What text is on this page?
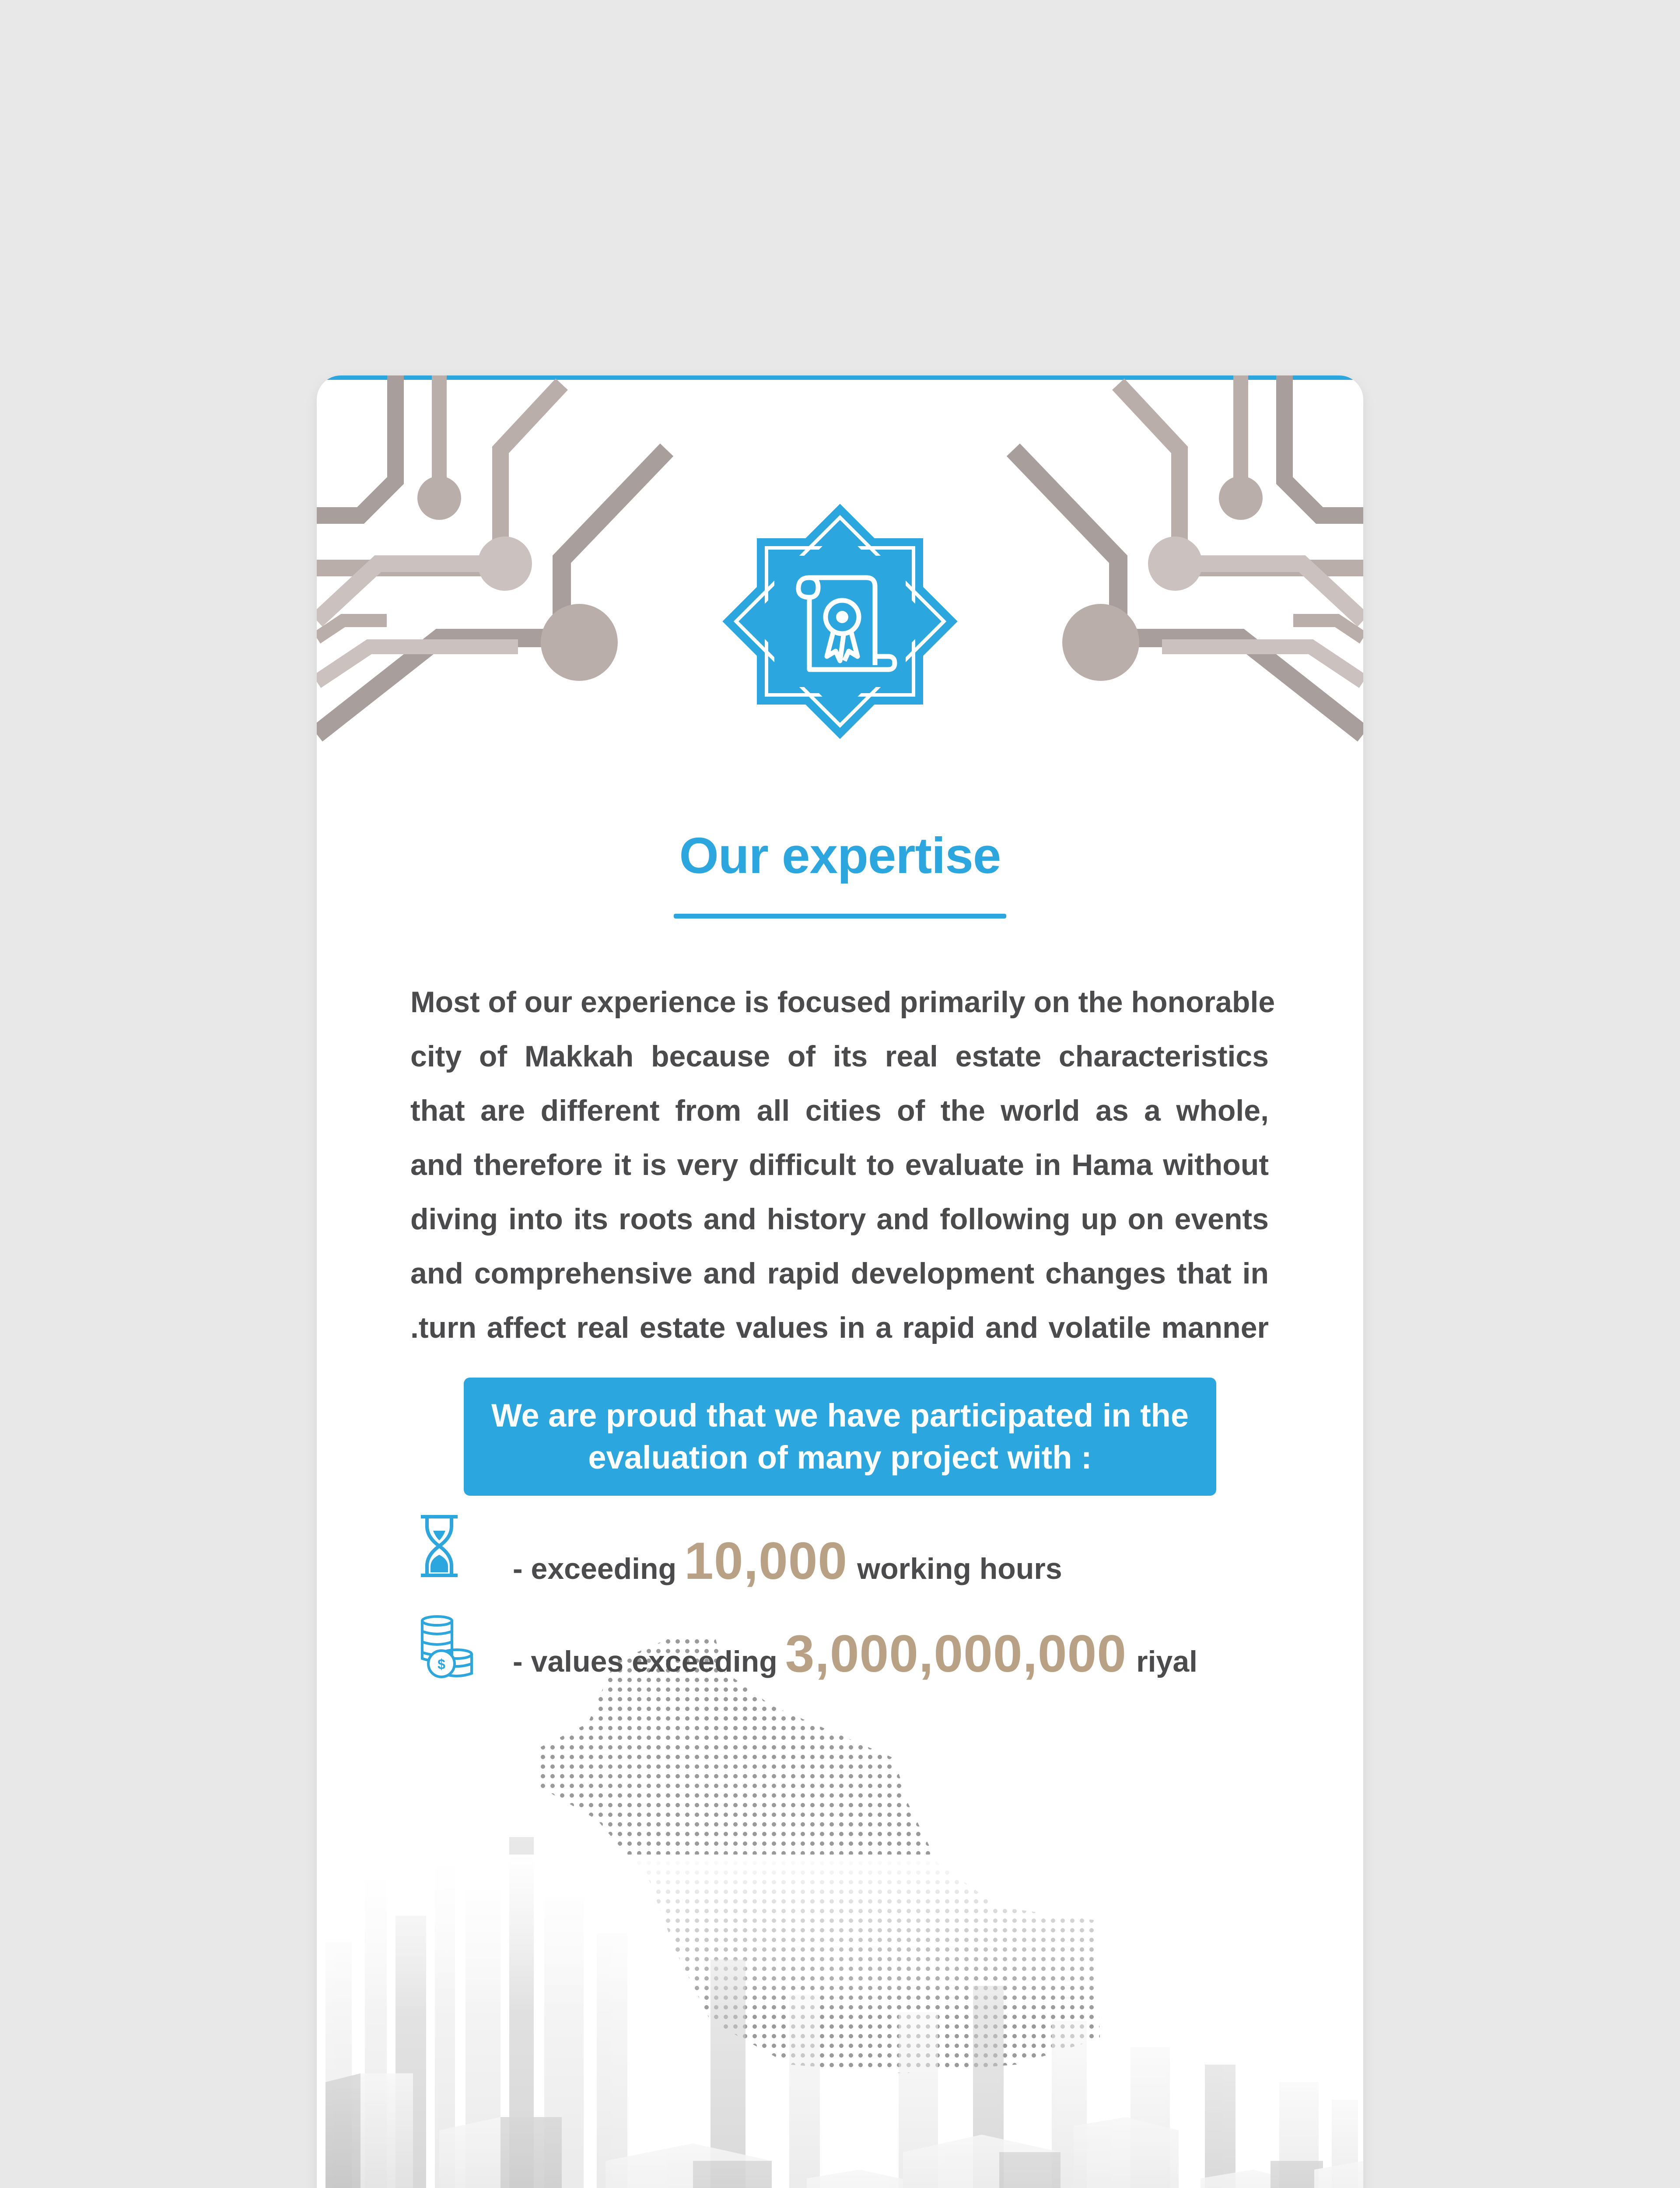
Our expertise
Most of our experience is focused primarily on the honorable
city of Makkah because of its real estate characteristics
that are different from all cities of the world as a whole,
and therefore it is very difficult to evaluate in Hama without
diving into its roots and history and following up on events
and comprehensive and rapid development changes that in
.turn affect real estate values in a rapid and volatile manner
We are proud that we have participated in the
evaluation of many project with :
- exceeding 10,000 working hours
$ - values exceeding 3,000,000,000 riyal
